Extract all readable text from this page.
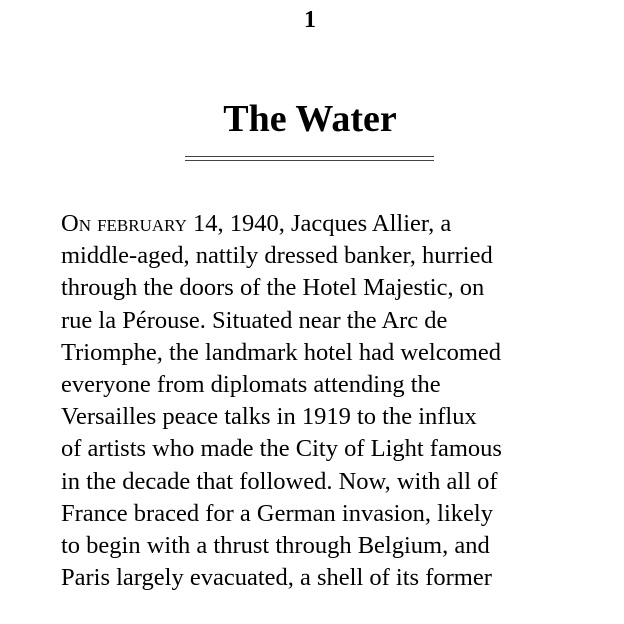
1
The Water
On february 14, 1940, Jacques Allier, a
middle-aged, nattily dressed banker, hurried
through the doors of the Hotel Majestic, on
rue la Pérouse. Situated near the Arc de
Triomphe, the landmark hotel had welcomed
everyone from diplomats attending the
Versailles peace talks in 1919 to the influx
of artists who made the City of Light famous
in the decade that followed. Now, with all of
France braced for a German invasion, likely
to begin with a thrust through Belgium, and
Paris largely evacuated, a shell of its former
